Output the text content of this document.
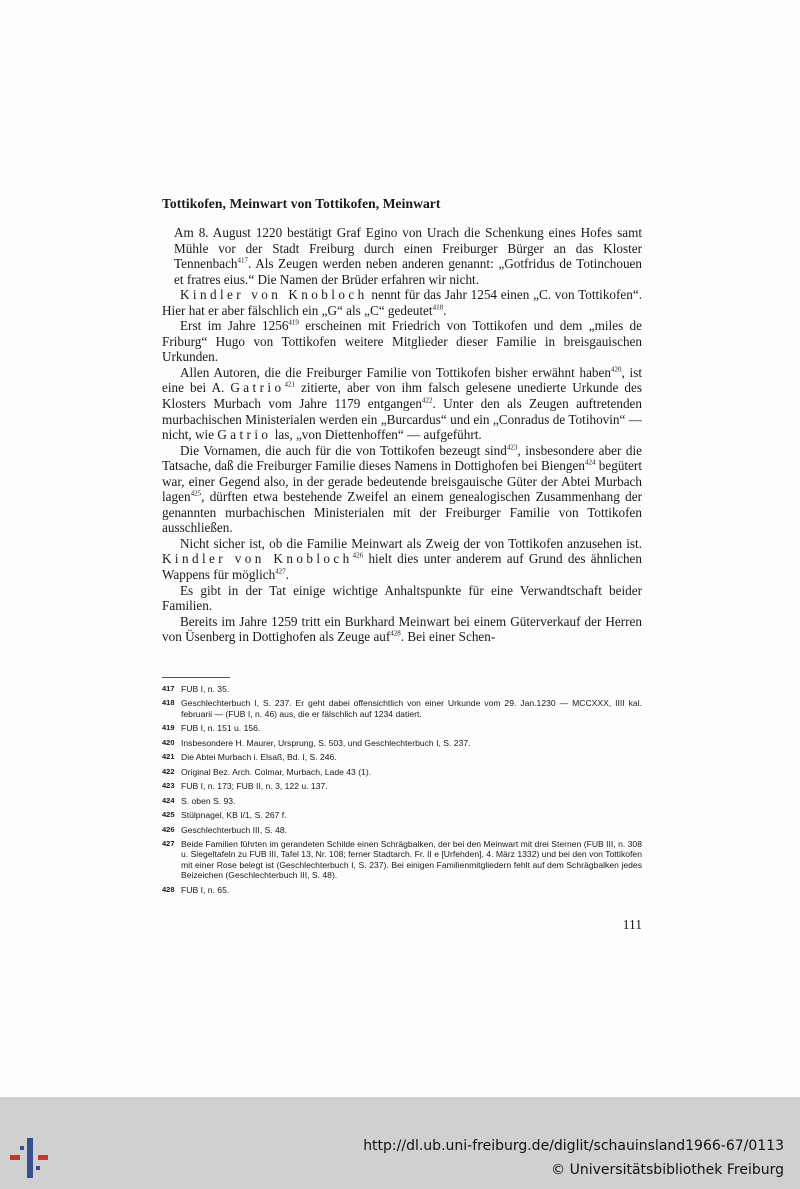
Tottikofen, Meinwart von Tottikofen, Meinwart

Am 8. August 1220 bestätigt Graf Egino von Urach die Schenkung eines Hofes samt Mühle vor der Stadt Freiburg durch einen Freiburger Bürger an das Kloster Tennenbach$^{417}$. Als Zeugen werden neben anderen genannt: „Gotfridus de Totinchouen et fratres eius.“ Die Namen der Brüder erfahren wir nicht.

Kindler von Knobloch nennt für das Jahr 1254 einen „C. von Tottikofen“. Hier hat er aber fälschlich ein „G“ als „C“ gedeutet$^{418}$.

Erst im Jahre 1256$^{419}$ erscheinen mit Friedrich von Tottikofen und dem „miles de Friburg“ Hugo von Tottikofen weitere Mitglieder dieser Familie in breisgauischen Urkunden.

Allen Autoren, die die Freiburger Familie von Tottikofen bisher erwähnt haben$^{420}$, ist eine bei A. Gatrio$^{421}$ zitierte, aber von ihm falsch gelesene unedierte Urkunde des Klosters Murbach vom Jahre 1179 entgangen$^{422}$. Unter den als Zeugen auftretenden murbachischen Ministerialen werden ein „Burcardus“ und ein „Conradus de Totihovin“ — nicht, wie Gatrio las, „von Diettenhoffen“ — aufgeführt.

Die Vornamen, die auch für die von Tottikofen bezeugt sind$^{423}$, insbesondere aber die Tatsache, daß die Freiburger Familie dieses Namens in Dottighofen bei Biengen$^{424}$ begütert war, einer Gegend also, in der gerade bedeutende breisgauische Güter der Abtei Murbach lagen$^{425}$, dürften etwa bestehende Zweifel an einem genealogischen Zusammenhang der genannten murbachischen Ministerialen mit der Freiburger Familie von Tottikofen ausschließen.

Nicht sicher ist, ob die Familie Meinwart als Zweig der von Tottikofen anzusehen ist. Kindler von Knobloch$^{426}$ hielt dies unter anderem auf Grund des ähnlichen Wappens für möglich$^{427}$.

Es gibt in der Tat einige wichtige Anhaltspunkte für eine Verwandtschaft beider Familien.

Bereits im Jahre 1259 tritt ein Burkhard Meinwart bei einem Güterverkauf der Herren von Üsenberg in Dottighofen als Zeuge auf$^{428}$. Bei einer Schen-

417 FUB I, n. 35.
418 Geschlechterbuch I, S. 237. Er geht dabei offensichtlich von einer Urkunde vom 29. Jan.1230 — MCCXXX, IIII kal. februarii — (FUB I, n. 46) aus, die er fälschlich auf 1234 datiert.
419 FUB I, n. 151 u. 156.
420 Insbesondere H. Maurer, Ursprung, S. 503, und Geschlechterbuch I, S. 237.
421 Die Abtei Murbach i. Elsaß, Bd. I, S. 246.
422 Original Bez. Arch. Colmar, Murbach, Lade 43 (1).
423 FUB I, n. 173; FUB II, n. 3, 122 u. 137.
424 S. oben S. 93.
425 Stülpnagel, KB I/1, S. 267 f.
426 Geschlechterbuch III, S. 48.
427 Beide Familien führten im gerandeten Schilde einen Schrägbalken, der bei den Meinwart mit drei Sternen (FUB III, n. 308 u. Siegeltafeln zu FUB III, Tafel 13, Nr. 108; ferner Stadtarch. Fr. II e [Urfehden], 4. März 1332) und bei den von Tottikofen mit einer Rose belegt ist (Geschlechterbuch I, S. 237). Bei einigen Familienmitgliedern fehlt auf dem Schrägbalken jedes Beizeichen (Geschlechterbuch III, S. 48).
428 FUB I, n. 65.
111
http://dl.ub.uni-freiburg.de/diglit/schauinsland1966-67/0113
© Universitätsbibliothek Freiburg
